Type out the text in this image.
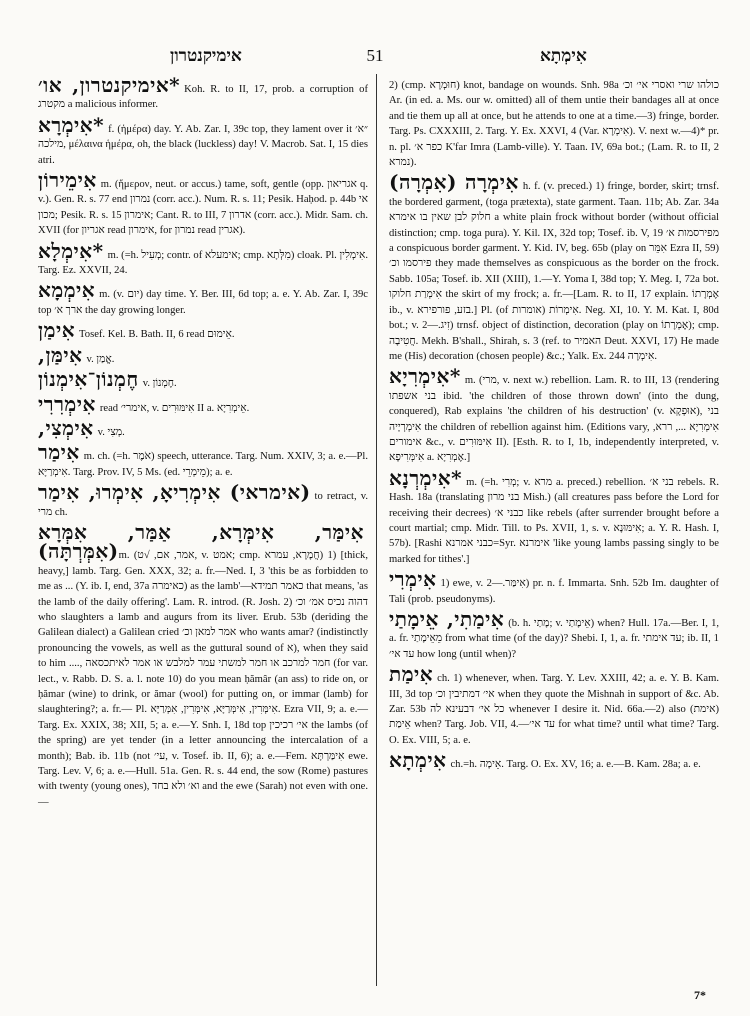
אימיקנטרון	51	אִימְתָא

*אימיקנטרון, או׳ Koh. R. to II, 17, prob. a corruption of מקטרג a malicious informer.

*אִימְרָא f. (ἡμέρα) day. Y. Ab. Zar. I, 39c top, they lament over it ״א׳ מילכה, μέλαινα ἡμέρα, oh, the black (luckless) day! V. Macrob. Sat. I, 15 dies atri.

אִימֵירוֹן m. (ἥμερον, neut. or accus.) tame, soft, gentle (opp. אגריאון q. v.). Gen. R. s. 77 end נמרון (corr. acc.). Num. R. s. 11; Pesik. Haḥod. p. 44b אי מכון; Pesik. R. s. 15 אימרון; Cant. R. to III, 7 אדרון (corr. acc.). Midr. Sam. ch. XVII (for אגריון read אימרון, for נמרון read אגרין).

*אִימְלָא m. (=h. מְעִיל; contr. of אימעלא; cmp. מִלְּתָא) cloak. Pl. אִימְלִין. Targ. Ez. XXVII, 24.

אִימְמָא m. (v. יום) day time. Y. Ber. III, 6d top; a. e. Y. Ab. Zar. I, 39c top ארך א׳ the day growing longer.

אִימַן Tosef. Kel. B. Bath. II, 6 read אֵימוּם.

אִימַּן, v. אֱמַן.

חֶמְנוֹן־אִימְנוֹן v. חֶמְנוֹן.

אִימְרִרִי read אימרי׳, v. אִימּוּרִים II a. אֵימְרִיָא.

אִימְצִי, v. מְצִי.

אִימַר m. ch. (=h. אֹמֶר) speech, utterance. Targ. Num. XXIV, 3; a. e.—Pl. אִימְרַיָּא. Targ. Prov. IV, 5 Ms. (ed. מֵימְרֵי); a. e.

(אימראי) אִימְרִיאָ, אִימְרוּ, אִימַר to retract, v. מרי ch.

אִימַּר, אִימְּרָא, אַמַּר, אִמְּרָא (אִמְּרְתָּה)m. (אמר, אם, √ט, v. אמט; cmp. חֲמָרָא, עמרא) 1) [thick, heavy,] lamb. Targ. Gen. XXX, 32; a. fr.—Ned. I, 3 'this be as forbidden to me as ... (Y. ib. I, end, 37a כאימרה) as the lamb'—כאמר תמידא that means, 'as the lamb of the daily offering'. Lam. R. introd. (R. Josh. 2) דהוה נכיס אמ׳ וכ׳ who slaughters a lamb and augurs from its liver. Erub. 53b (deriding the Galilean dialect) a Galilean cried אמר למאן וכ׳ who wants amar? (indistinctly pronouncing the vowels, as well as the guttural sound of א), when they said to him ...., חמר למרכב או חמר למשתי עמר למלבש או אמר לאיתכסאה (for var. lect., v. Rabb. D. S. a. l. note 10) do you mean ḥămâr (an ass) to ride on, or ḥămar (wine) to drink, or ămar (wool) for putting on, or immar (lamb) for slaughtering?; a. fr.— Pl. אִימְּרִין, אִימְּרַיָּא, אִימְּרִין, אִמְּרַיָּא. Ezra VII, 9; a. e.—Targ. Ex. XXIX, 38; XII, 5; a. e.—Y. Snh. I, 18d top אי׳ רכיכין the lambs (of the spring) are yet tender (in a letter announcing the intercalation of a month); Bab. ib. 11b (not עי׳, v. Tosef. ib. II, 6); a. e.—Fem. אִימַּרְתָּא ewe. Targ. Lev. V, 6; a. e.—Hull. 51a. Gen. R. s. 44 end, the sow (Rome) pastures with twenty (young ones), וא׳ ולא בחד and the ewe (Sarah) not even with one.—

2) (cmp. חוּמְרָא) knot, bandage on wounds. Snh. 98a כולהו שרי ואסרי אי׳ וכ׳ Ar. (in ed. a. Ms. our w. omitted) all of them untie their bandages all at once and tie them up all at once, but he attends to one at a time.—3) fringe, border. Targ. Ps. CXXXIII, 2. Targ. Y. Ex. XXVI, 4 (Var. אִימְרָא). V. next w.—4)* pr. n. pl. כפר א׳ K'far Imra (Lamb-ville). Y. Taan. IV, 69a bot.; (Lam. R. to II, 2 נמרא).

אִימְרָה (אִמְרָה) h. f. (v. preced.) 1) fringe, border, skirt; trnsf. the bordered garment, (toga prætexta), state garment. Taan. 11b; Ab. Zar. 34a חלוק לבן שאין בו אימרא a white plain frock without border (without official distinction; cmp. toga pura). Y. Kil. IX, 32d top; Tosef. ib. V, 19 מפירסמות א׳ a conspicuous border garment. Y. Kid. IV, beg. 65b (play on אִמֵּר Ezra II, 59) פירסמו וכ׳ they made themselves as conspicuous as the border on the frock. Sabb. 105a; Tosef. ib. XII (XIII), 1.—Y. Yoma I, 38d top; Y. Meg. I, 72a bot. אִימְרַת חלוקו the skirt of my frock; a. fr.—[Lam. R. to II, 17 explain. אֶמְרָתוֹ ib., v. בזע, פורפירא.] Pl. (of אומרות) אִימְרוֹת. Neg. XI, 10. Y. M. Kat. I, 80d bot.; v. זִיג.—2) trnsf. object of distinction, decoration (play on אֶמְרָתוֹ); cmp. חֲטִיבָה. Mekh. B'shall., Shirah, s. 3 (ref. to האמיר Deut. XXVI, 17) He made me (His) decoration (chosen people) &c.; Yalk. Ex. 244 אִימְרָה.

*אִימְרִיָא m. (מרי, v. next w.) rebellion. Lam. R. to III, 13 (rendering בני אשפתו ibid. 'the children of those thrown down' (into the dung, conquered), Rab explains 'the children of his destruction' (v. אוּפְקָא), בני אִימְרְיָיה the children of rebellion against him. (Editions vary, אִימְרִיָא ..., ררא, אימורים &c., v. אִימּוּרִים II). [Esth. R. to I, 1b, independently interpreted, v. אִימְּרִיפָא a. אֶמְרִיָא.]

*אִימְרְנָא m. (=h. מְרִי; v. מרא a. preced.) rebellion. בני א׳ rebels. R. Hash. 18a (translating בני מרון Mish.) (all creatures pass before the Lord for receiving their decrees) כבני א׳ like rebels (after surrender brought before a court martial; cmp. Midr. Till. to Ps. XVII, 1, s. v. אִימּוּנָא; a. Y. R. Hash. I, 57b). [Rashi כבני אמרנא=Syr. אימרנא 'like young lambs passing singly to be marked for tithes'.]

אִימְרִי 1) ewe, v. אִימַּר.—2) pr. n. f. Immarta. Snh. 52b Im. daughter of Tali (prob. pseudonyms).

אִימַתִי, אֵימָתַי (b. h. מָתַי; v. אֵימָתַי) when? Hull. 17a.—Ber. I, 1, a. fr. מֵאֵימָתַי from what time (of the day)? Shebi. I, 1, a. fr. עד אימתי; ib. II, 1 עד אי׳ how long (until when)?

אִימַת ch. 1) whenever, when. Targ. Y. Lev. XXIII, 42; a. e. Y. B. Kam. III, 3d top אי׳ דמתיבין וכ׳ when they quote the Mishnah in support of &c. Ab. Zar. 53b כל אי׳ דבעינא לה whenever I desire it. Nid. 66a.—2) also (אימת) אֵימַת when? Targ. Job. VII, 4.—עד אי׳ for what time? until what time? Targ. O. Ex. VIII, 5; a. e.

אִימְתָא ch.=h. אֵימָה. Targ. O. Ex. XV, 16; a. e.—B. Kam. 28a; a. e.

7*
